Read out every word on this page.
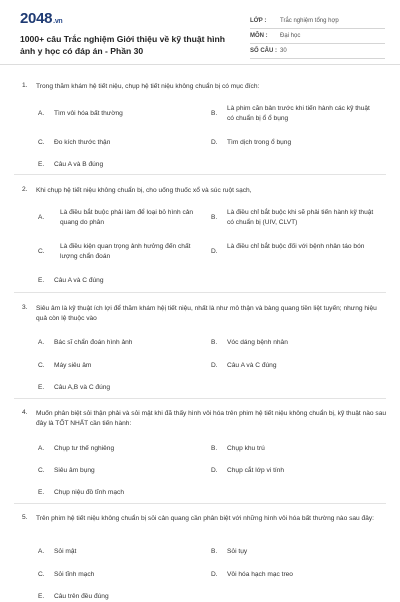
2048.vn
1000+ câu Trắc nghiệm Giới thiệu về kỹ thuật hình ảnh y học có đáp án - Phần 30
LỚP :	Trắc nghiệm tổng hợp
MÔN :	Đại học
SỐ CÂU : 30
1. Trong thăm khám hệ tiết niệu, chụp hệ tiết niệu không chuẩn bị có mục đích:
A. Tìm vôi hóa bất thường	B.
Là phim căn bản trước khi tiến hành các kỹ thuật có chuẩn bị ổ ổ bụng
C. Đo kích thước thận	D. Tìm dịch trong ổ bụng
E. Câu A và B đúng
2. Khi chụp hệ tiết niệu không chuẩn bị, cho uống thuốc xổ và súc ruột sạch,
A.
Là điều bắt buộc phải làm để loại bỏ hình cản quang do phân
B.
Là điều chỉ bắt buộc khi sẽ phải tiến hành kỹ thuật có chuẩn bị (UIV, CLVT)
C.
Là điều kiện quan trọng ảnh hưởng đến chất lượng chẩn đoán
D.
Là điều chỉ bắt buộc đối với bệnh nhân táo bón
E. Câu A và C đúng
3. Siêu âm là kỹ thuật ích lợi để thăm khám hệị tiết niệu, nhất là như mô thận và bàng quang tiền liệt tuyến; nhưng hiệu quả còn lệ thuộc vào
A. Bác sĩ chẩn đoán hình ảnh	B. Vóc dáng bệnh nhân
C. Máy siêu âm	D. Câu A và C đúng
E. Câu A,B và C đúng
4. Muốn phân biệt sỏi thận phải và sỏi mật khi đã thấy hình vôi hóa trên phim hệ tiết niệu không chuẩn bị, kỹ thuật nào sau đây là TỐT NHẤT cần tiến hành:
A. Chụp tư thế nghiêng	B. Chụp khu trú
C. Siêu âm bụng	D. Chụp cắt lớp vi tính
E. Chụp niệu đồ tĩnh mạch
5. Trên phim hệ tiết niệu không chuẩn bị sỏi cản quang cần phân biệt với những hình vôi hóa bất thường nào sau đây:
A. Sỏi mật	B. Sỏi tụy
C. Sỏi tĩnh mạch	D. Vôi hóa hạch mạc treo
E. Câu trên đều đúng
